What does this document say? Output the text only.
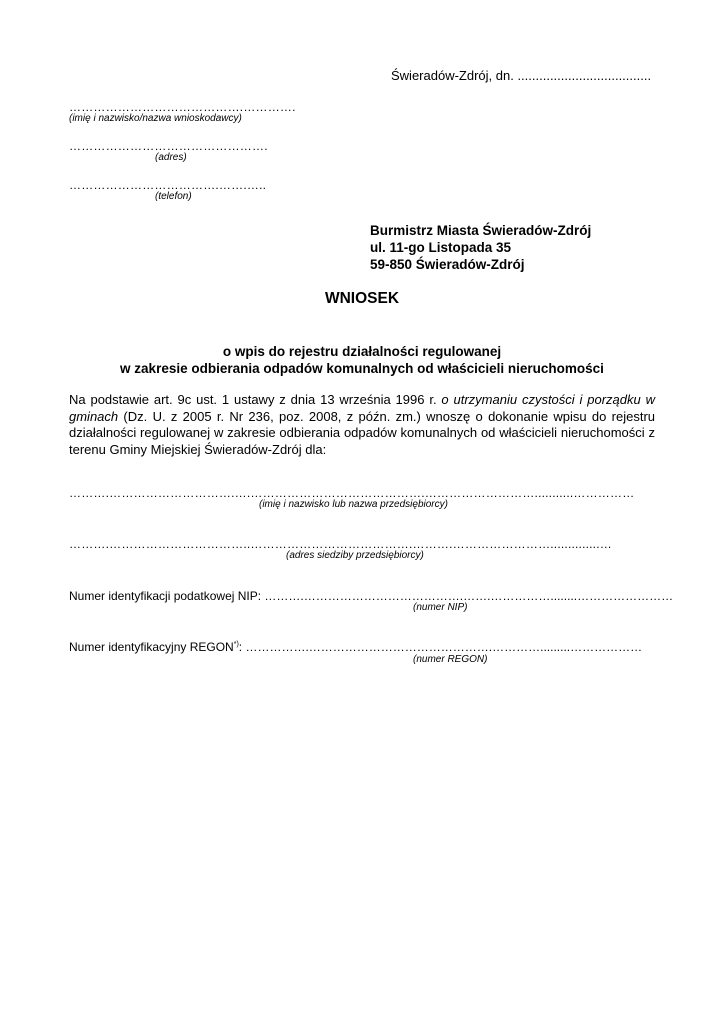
Świeradów-Zdrój, dn. .....................................
…………………………………….………….
(imię i nazwisko/nazwa wnioskodawcy)
………………………………………….
(adres)
……………………………….…….…..
(telefon)
Burmistrz Miasta Świeradów-Zdrój
ul. 11-go Listopada 35
59-850 Świeradów-Zdrój
WNIOSEK
o wpis do rejestru działalności regulowanej
w zakresie odbierania odpadów komunalnych od właścicieli nieruchomości
Na podstawie art. 9c ust. 1 ustawy z dnia 13 września 1996 r. o utrzymaniu czystości i porządku w gminach (Dz. U. z 2005 r. Nr 236, poz. 2008, z późn. zm.) wnoszę o dokonanie wpisu do rejestru działalności regulowanej w zakresie odbierania odpadów komunalnych od właścicieli nieruchomości z terenu Gminy Miejskiej Świeradów-Zdrój dla:
……….………………………….….…………………………………….………………………...........……………
(imię i nazwisko lub nazwa przedsiębiorcy)
……….……………………………..………………………………….……….……………………..............…
(adres siedziby przedsiębiorcy)
Numer identyfikacji podatkowej NIP: ……….………………………………….…….……………........……………………
(numer NIP)
Numer identyfikacyjny REGON*): …………….……………………………………….………….........………………
(numer REGON)
